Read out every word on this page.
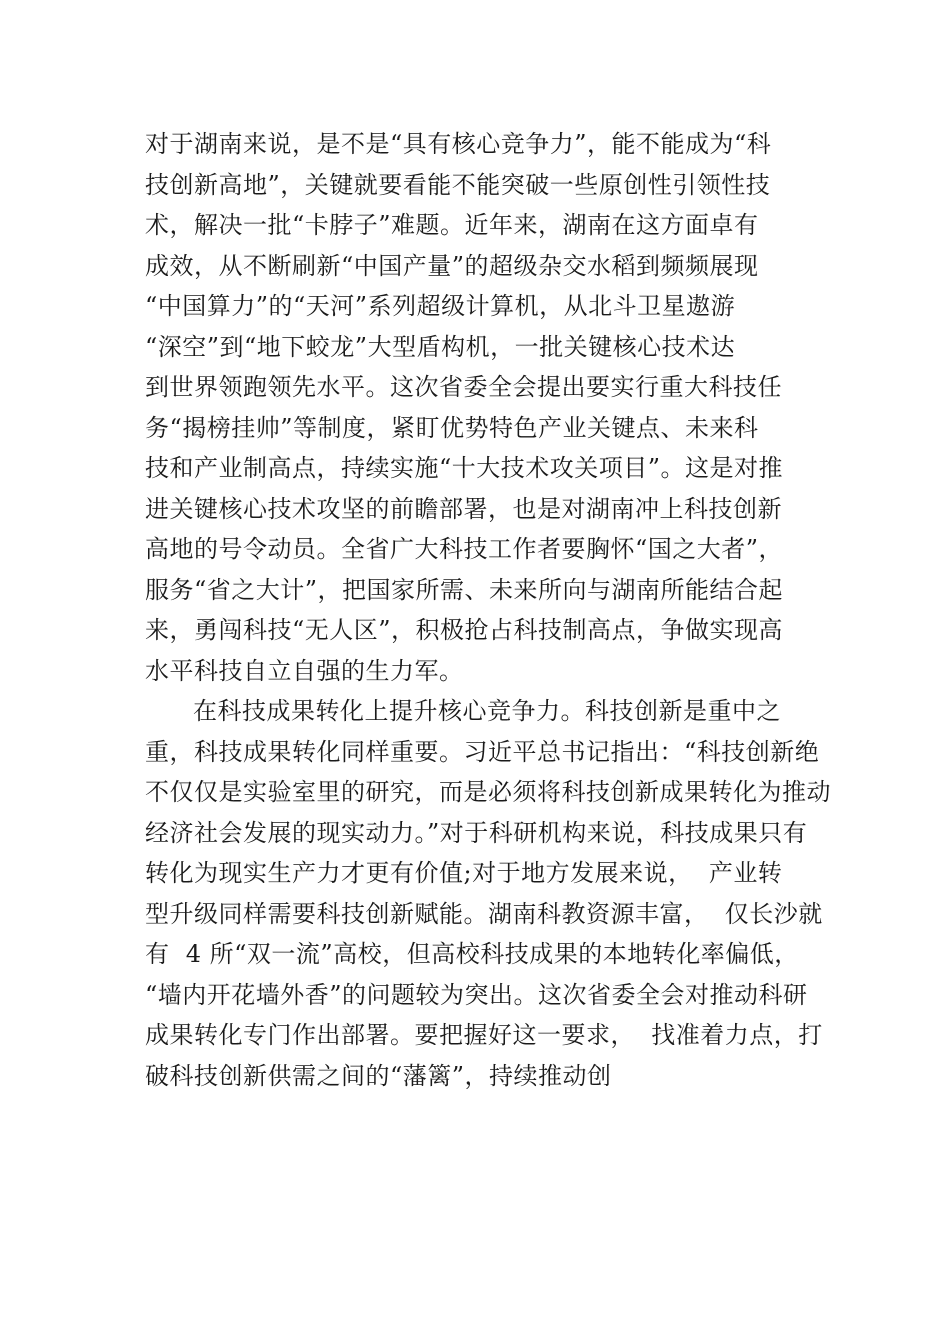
对于湖南来说，是不是“具有核心竞争力”，能不能成为“科
技创新高地”，关键就要看能不能突破一些原创性引领性技
术，解决一批“卡脖子”难题。近年来，湖南在这方面卓有
成效，从不断刷新“中国产量”的超级杂交水稻到频频展现
“中国算力”的“天河”系列超级计算机，从北斗卫星遨游
“深空”到“地下蛟龙”大型盾构机，一批关键核心技术达
到世界领跑领先水平。这次省委全会提出要实行重大科技任
务“揭榜挂帅”等制度，紧盯优势特色产业关键点、未来科
技和产业制高点，持续实施“十大技术攻关项目”。这是对推
进关键核心技术攻坚的前瞻部署，也是对湖南冲上科技创新
高地的号令动员。全省广大科技工作者要胸怀“国之大者”，
服务“省之大计”，把国家所需、未来所向与湖南所能结合起
来，勇闯科技“无人区”，积极抢占科技制高点，争做实现高
水平科技自立自强的生力军。
在科技成果转化上提升核心竞争力。科技创新是重中之
重，科技成果转化同样重要。习近平总书记指出：“科技创新绝
不仅仅是实验室里的研究，而是必须将科技创新成果转化为推动
经济社会发展的现实动力。”对于科研机构来说，科技成果只有
转化为现实生产力才更有价值;对于地方发展来说，  产业转
型升级同样需要科技创新赋能。湖南科教资源丰富，  仅长沙就
有  4 所“双一流”高校，但高校科技成果的本地转化率偏低，
“墙内开花墙外香”的问题较为突出。这次省委全会对推动科研
成果转化专门作出部署。要把握好这一要求，  找准着力点，打
破科技创新供需之间的“藩篱”，持续推动创
